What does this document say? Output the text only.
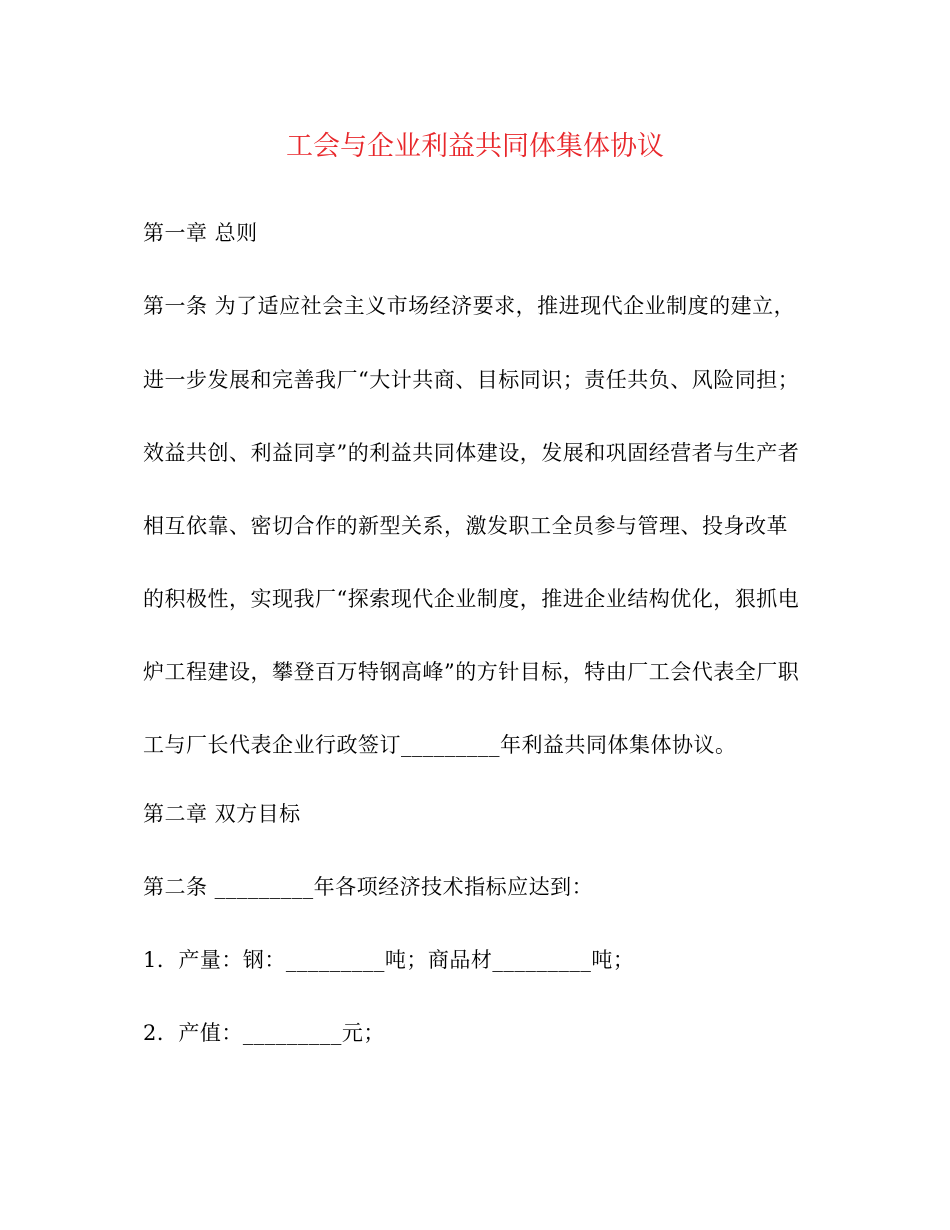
工会与企业利益共同体集体协议
第一章 总则
第一条 为了适应社会主义市场经济要求，推进现代企业制度的建立，
进一步发展和完善我厂“大计共商、目标同识；责任共负、风险同担；
效益共创、利益同享”的利益共同体建设，发展和巩固经营者与生产者
相互依靠、密切合作的新型关系，激发职工全员参与管理、投身改革
的积极性，实现我厂“探索现代企业制度，推进企业结构优化，狠抓电
炉工程建设，攀登百万特钢高峰”的方针目标，特由厂工会代表全厂职
工与厂长代表企业行政签订_________年利益共同体集体协议。
第二章 双方目标
第二条 _________年各项经济技术指标应达到：
1．产量：钢：_________吨；商品材_________吨；
2．产值：_________元；
